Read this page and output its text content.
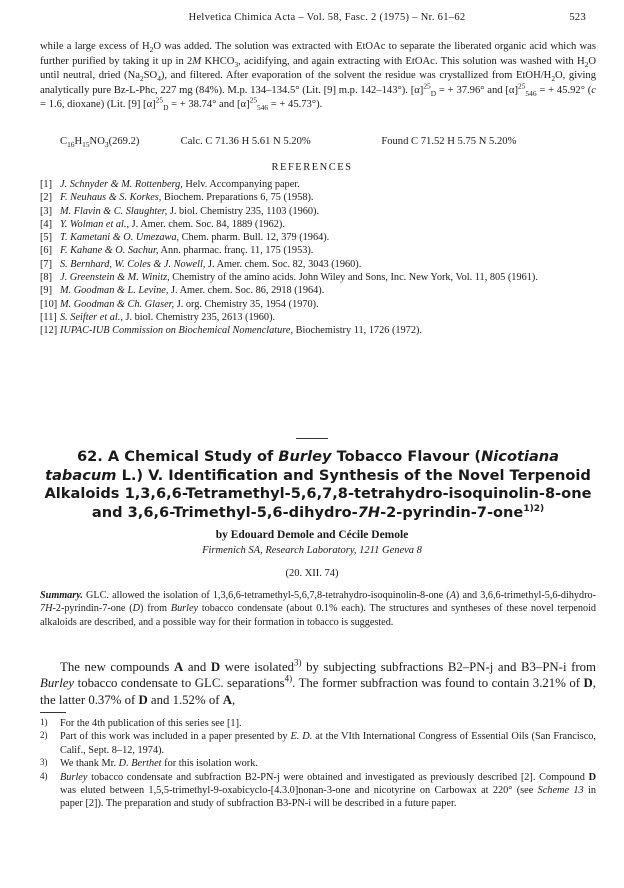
Helvetica Chimica Acta – Vol. 58, Fasc. 2 (1975) – Nr. 61–62	523

while a large excess of $H_2O$ was added. The solution was extracted with EtOAc to separate the liberated organic acid which was further purified by taking it up in 2M $KHCO_3$, acidifying, and again extracting with EtOAc. This solution was washed with $H_2O$ until neutral, dried $(Na_2SO_4)$, and filtered. After evaporation of the solvent the residue was crystallized from EtOH/$H_2O$, giving analytically pure Bz-L-Phc, 227 mg (84%). M.p. 134–134.5° (Lit. [9] m.p. 142–143°). $[\alpha]^{25}_D$ = + 37.96° and $[\alpha]^{25}_{546}$ = + 45.92° (c = 1.6, dioxane) (Lit. [9] $[\alpha]^{25}_D$ = + 38.74° and $[\alpha]^{25}_{546}$ = + 45.73°).

$C_{16}H_{15}NO_3(269.2)$	Calc. C 71.36 H 5.61 N 5.20%	Found C 71.52 H 5.75 N 5.20%
REFERENCES
[1] J. Schnyder & M. Rottenberg, Helv. Accompanying paper.
[2] F. Neuhaus & S. Korkes, Biochem. Preparations 6, 75 (1958).
[3] M. Flavin & C. Slaughter, J. biol. Chemistry 235, 1103 (1960).
[4] Y. Wolman et al., J. Amer. chem. Soc. 84, 1889 (1962).
[5] T. Kametani & O. Umezawa, Chem. pharm. Bull. 12, 379 (1964).
[6] F. Kahane & O. Sachur, Ann. pharmac. franç. 11, 175 (1953).
[7] S. Bernhard, W. Coles & J. Nowell, J. Amer. chem. Soc. 82, 3043 (1960).
[8] J. Greenstein & M. Winitz, Chemistry of the amino acids. John Wiley and Sons, Inc. New York, Vol. 11, 805 (1961).
[9] M. Goodman & L. Levine, J. Amer. chem. Soc. 86, 2918 (1964).
[10] M. Goodman & Ch. Glaser, J. org. Chemistry 35, 1954 (1970).
[11] S. Seifter et al., J. biol. Chemistry 235, 2613 (1960).
[12] IUPAC-IUB Commission on Biochemical Nomenclature, Biochemistry 11, 1726 (1972).
62. A Chemical Study of Burley Tobacco Flavour (Nicotiana tabacum L.) V. Identification and Synthesis of the Novel Terpenoid Alkaloids 1,3,6,6-Tetramethyl-5,6,7,8-tetrahydro-isoquinolin-8-one and 3,6,6-Trimethyl-5,6-dihydro-7H-2-pyrindin-7-one$^{1)2)}$
by Edouard Demole and Cécile Demole
Firmenich SA, Research Laboratory, 1211 Geneva 8
(20. XII. 74)

Summary. GLC. allowed the isolation of 1,3,6,6-tetramethyl-5,6,7,8-tetrahydro-isoquinolin-8-one (A) and 3,6,6-trimethyl-5,6-dihydro-7H-2-pyrindin-7-one (D) from Burley tobacco condensate (about 0.1% each). The structures and syntheses of these novel terpenoid alkaloids are described, and a possible way for their formation in tobacco is suggested.

The new compounds A and D were isolated$^{3)}$ by subjecting subfractions B2–PN-j and B3–PN-i from Burley tobacco condensate to GLC. separations$^{4)}$. The former subfraction was found to contain 3.21% of D, the latter 0.37% of D and 1.52% of A,

1) For the 4th publication of this series see [1].
2) Part of this work was included in a paper presented by E. D. at the VIth International Congress of Essential Oils (San Francisco, Calif., Sept. 8–12, 1974).
3) We thank Mr. D. Berthet for this isolation work.
4) Burley tobacco condensate and subfraction B2-PN-j were obtained and investigated as previously described [2]. Compound D was eluted between 1,5,5-trimethyl-9-oxabicyclo-[4.3.0]nonan-3-one and nicotyrine on Carbowax at 220° (see Scheme 13 in paper [2]). The preparation and study of subfraction B3-PN-i will be described in a future paper.
